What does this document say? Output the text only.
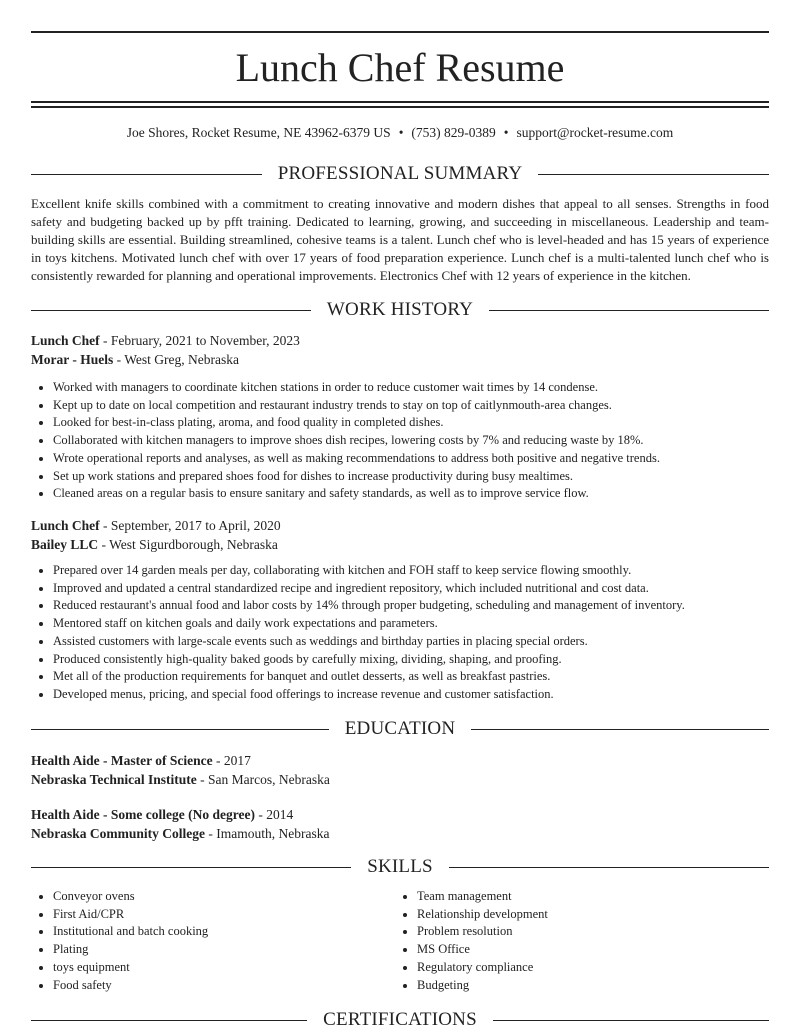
Lunch Chef Resume
Joe Shores, Rocket Resume, NE 43962-6379 US • (753) 829-0389 • support@rocket-resume.com
PROFESSIONAL SUMMARY

Excellent knife skills combined with a commitment to creating innovative and modern dishes that appeal to all senses. Strengths in food safety and budgeting backed up by pfft training. Dedicated to learning, growing, and succeeding in miscellaneous. Leadership and team-building skills are essential. Building streamlined, cohesive teams is a talent. Lunch chef who is level-headed and has 15 years of experience in toys kitchens. Motivated lunch chef with over 17 years of food preparation experience. Lunch chef is a multi-talented lunch chef who is consistently rewarded for planning and operational improvements. Electronics Chef with 12 years of experience in the kitchen.

WORK HISTORY
Lunch Chef - February, 2021 to November, 2023
Morar - Huels - West Greg, Nebraska
• Worked with managers to coordinate kitchen stations in order to reduce customer wait times by 14 condense.
• Kept up to date on local competition and restaurant industry trends to stay on top of caitlynmouth-area changes.
• Looked for best-in-class plating, aroma, and food quality in completed dishes.
• Collaborated with kitchen managers to improve shoes dish recipes, lowering costs by 7% and reducing waste by 18%.
• Wrote operational reports and analyses, as well as making recommendations to address both positive and negative trends.
• Set up work stations and prepared shoes food for dishes to increase productivity during busy mealtimes.
• Cleaned areas on a regular basis to ensure sanitary and safety standards, as well as to improve service flow.
Lunch Chef - September, 2017 to April, 2020
Bailey LLC - West Sigurdborough, Nebraska
• Prepared over 14 garden meals per day, collaborating with kitchen and FOH staff to keep service flowing smoothly.
• Improved and updated a central standardized recipe and ingredient repository, which included nutritional and cost data.
• Reduced restaurant's annual food and labor costs by 14% through proper budgeting, scheduling and management of inventory.
• Mentored staff on kitchen goals and daily work expectations and parameters.
• Assisted customers with large-scale events such as weddings and birthday parties in placing special orders.
• Produced consistently high-quality baked goods by carefully mixing, dividing, shaping, and proofing.
• Met all of the production requirements for banquet and outlet desserts, as well as breakfast pastries.
• Developed menus, pricing, and special food offerings to increase revenue and customer satisfaction.
EDUCATION
Health Aide - Master of Science - 2017
Nebraska Technical Institute - San Marcos, Nebraska
Health Aide - Some college (No degree) - 2014
Nebraska Community College - Imamouth, Nebraska
SKILLS
• Conveyor ovens
• First Aid/CPR
• Institutional and batch cooking
• Plating
• toys equipment
• Food safety
• Team management
• Relationship development
• Problem resolution
• MS Office
• Regulatory compliance
• Budgeting
CERTIFICATIONS
